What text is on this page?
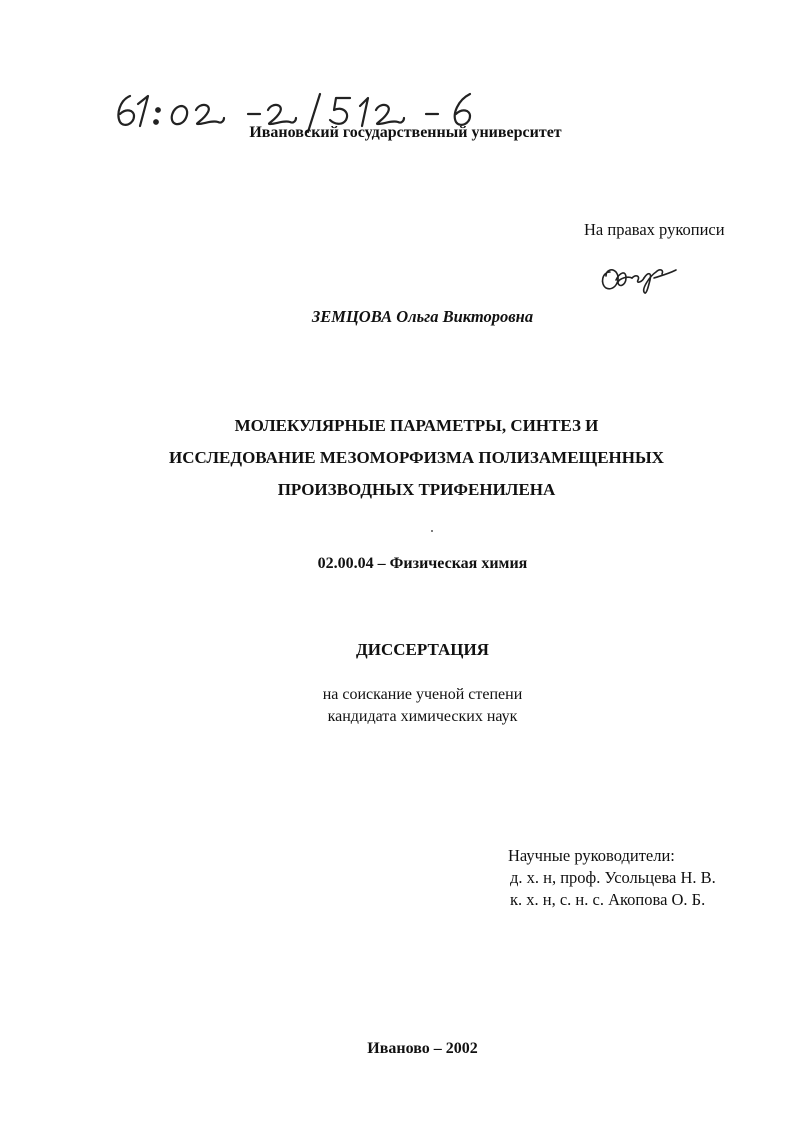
Ивановский государственный университет
На правах рукописи
ЗЕМЦОВА Ольга Викторовна
МОЛЕКУЛЯРНЫЕ ПАРАМЕТРЫ, СИНТЕЗ И
ИССЛЕДОВАНИЕ МЕЗОМОРФИЗМА ПОЛИЗАМЕЩЕННЫХ
ПРОИЗВОДНЫХ ТРИФЕНИЛЕНА
02.00.04 – Физическая химия
ДИССЕРТАЦИЯ
на соискание ученой степени
кандидата химических наук
Научные руководители:
д. х. н, проф. Усольцева Н. В.
к. х. н, с. н. с. Акопова О. Б.
Иваново – 2002
